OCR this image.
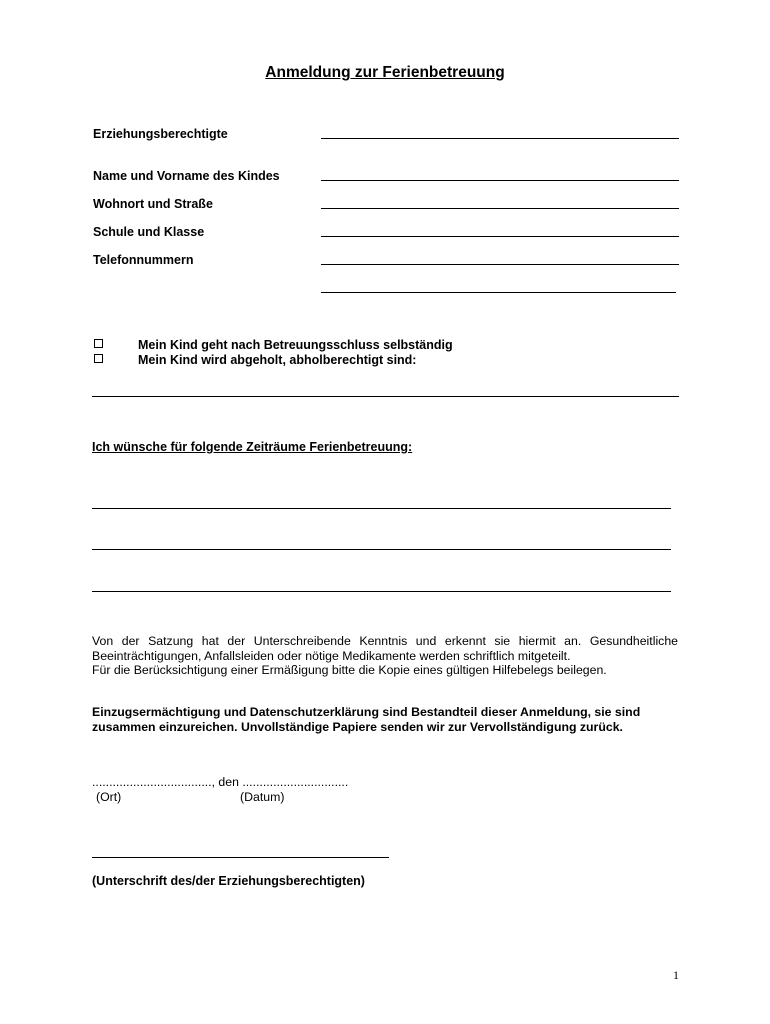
Anmeldung zur Ferienbetreuung
Erziehungsberechtigte
Name und Vorname des Kindes
Wohnort und Straße
Schule und Klasse
Telefonnummern
Mein Kind geht nach Betreuungsschluss selbständig
Mein Kind wird abgeholt, abholberechtigt sind:
Ich wünsche für folgende Zeiträume Ferienbetreuung:
Von der Satzung hat der Unterschreibende Kenntnis und erkennt sie hiermit an. Gesundheitliche
Beeinträchtigungen, Anfallsleiden oder nötige Medikamente werden schriftlich mitgeteilt.
Für die Berücksichtigung einer Ermäßigung bitte die Kopie eines gültigen Hilfebelegs beilegen.
Einzugsermächtigung und Datenschutzerklärung sind Bestandteil dieser Anmeldung, sie sind
zusammen einzureichen. Unvollständige Papiere senden wir zur Vervollständigung zurück.
..................................., den ...............................
(Ort)	(Datum)
(Unterschrift des/der Erziehungsberechtigten)
1
